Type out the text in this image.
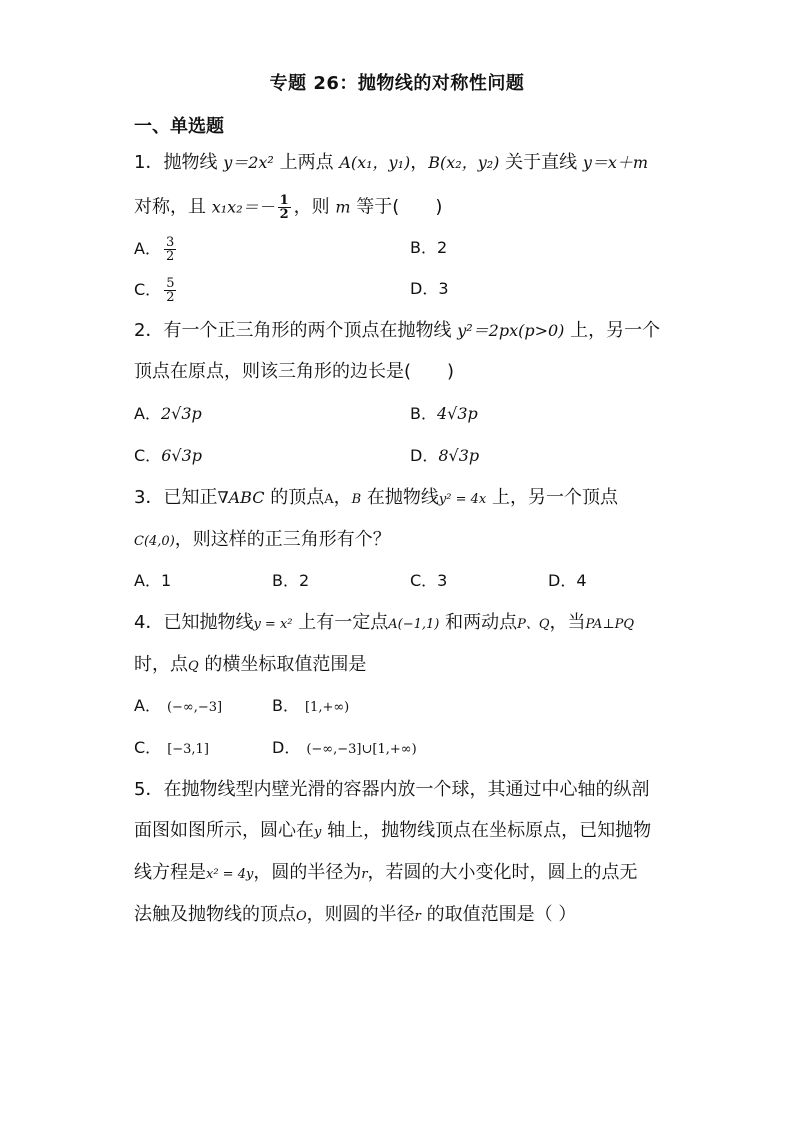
专题 26：抛物线的对称性问题
一、单选题
1．抛物线 y＝2x² 上两点 A(x₁，y₁)，B(x₂，y₂) 关于直线 y＝x＋m
对称，且 $x_1x_2=- \frac{1}{2}$ ，则 m 等于(　　)
A． $\frac{3}{2}$	B．2
C． $\frac{5}{2}$	D．3
2．有一个正三角形的两个顶点在抛物线 y²＝2px(p>0) 上，另一个
顶点在原点，则该三角形的边长是(　　)
A．2√3p	B．4√3p
C．6√3p	D．8√3p
3．已知正∇ABC 的顶点A，B 在抛物线y² = 4x 上，另一个顶点
C(4,0)，则这样的正三角形有个？
A．1	B．2	C．3	D．4
4．已知抛物线y = x² 上有一定点A(−1,1) 和两动点P、Q，当PA⊥PQ
时，点Q 的横坐标取值范围是
A． (−∞,−3]	B． [1,+∞)
C． [−3,1]	D． (−∞,−3]∪[1,+∞)
5．在抛物线型内壁光滑的容器内放一个球，其通过中心轴的纵剖
面图如图所示，圆心在y 轴上，抛物线顶点在坐标原点，已知抛物
线方程是x² = 4y，圆的半径为r，若圆的大小变化时，圆上的点无
法触及抛物线的顶点O，则圆的半径r 的取值范围是（ ）
